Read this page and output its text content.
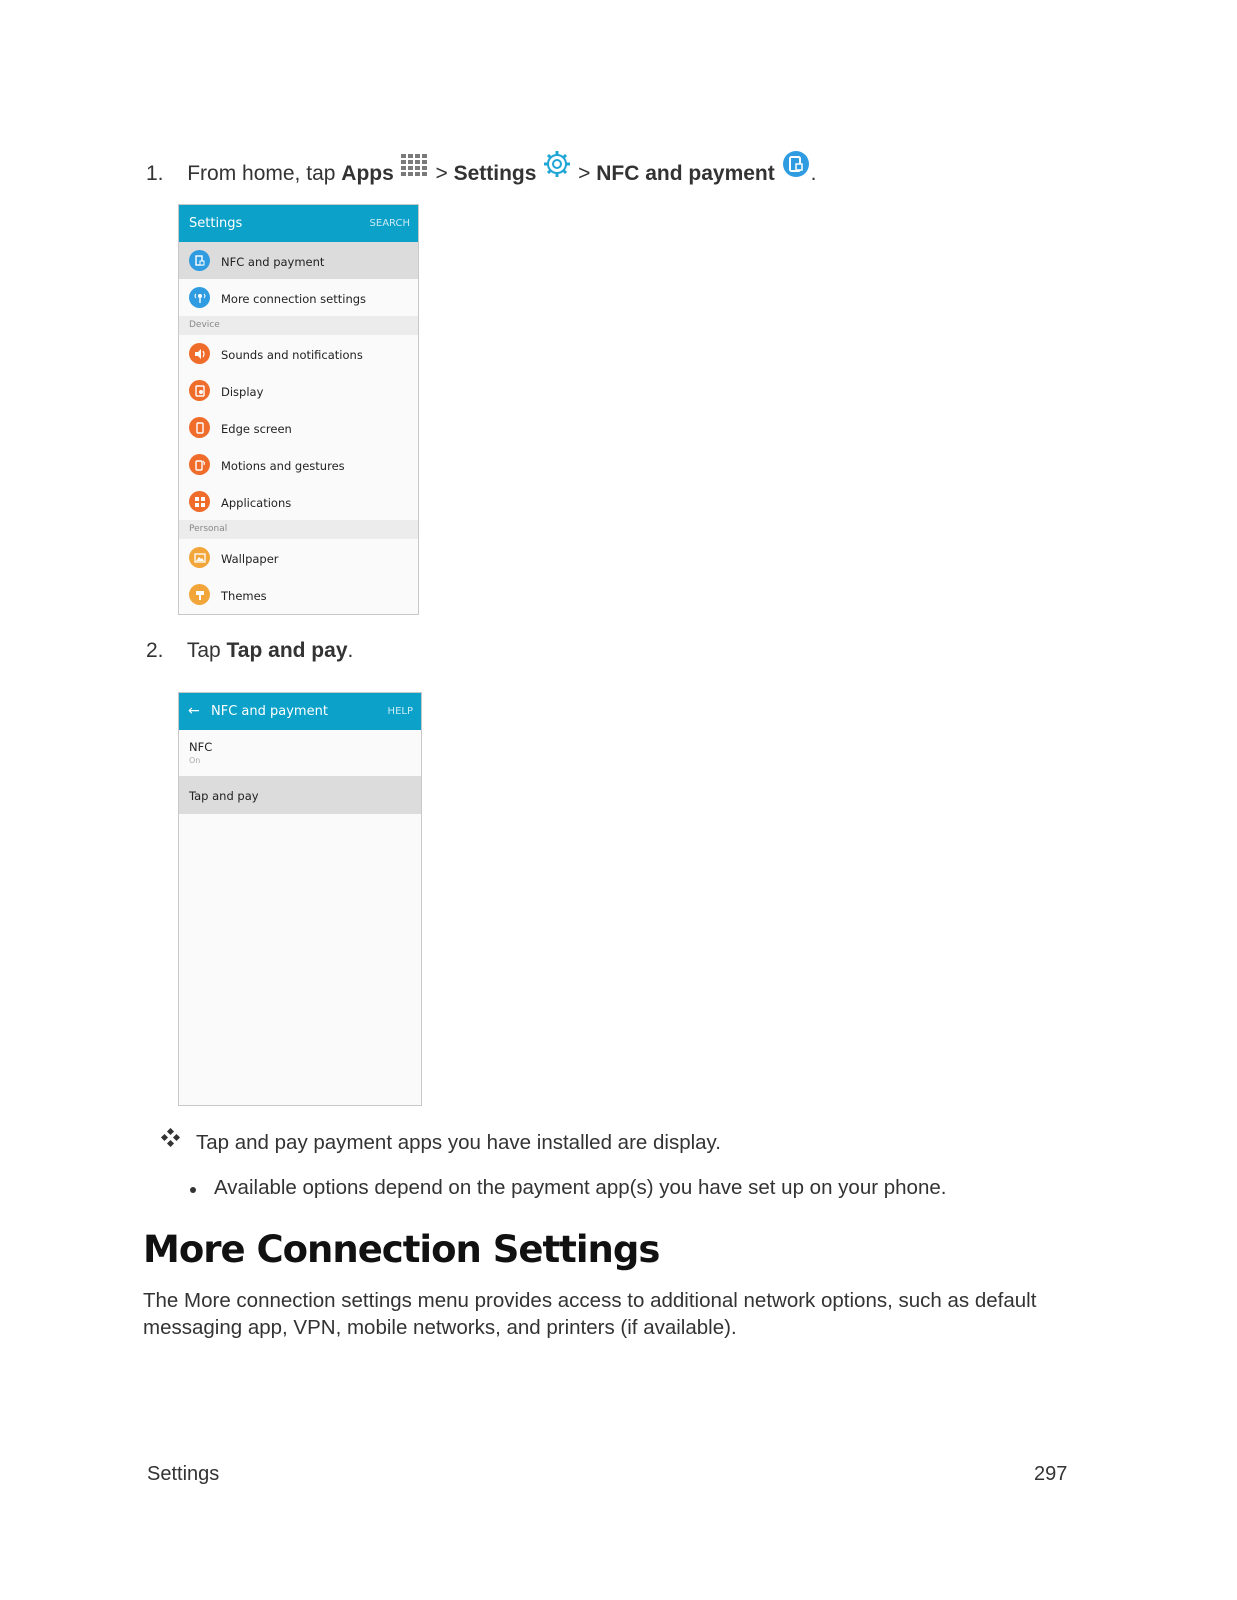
1. From home, tap Apps > Settings > NFC and payment .
Settings	SEARCH
NFC and payment
More connection settings
Device
Sounds and notifications
Display
Edge screen
Motions and gestures
Applications
Personal
Wallpaper
Themes
2. Tap Tap and pay.
← NFC and payment	HELP
NFC
On
Tap and pay
Tap and pay payment apps you have installed are display.
Available options depend on the payment app(s) you have set up on your phone.
More Connection Settings
The More connection settings menu provides access to additional network options, such as default messaging app, VPN, mobile networks, and printers (if available).
Settings	297
